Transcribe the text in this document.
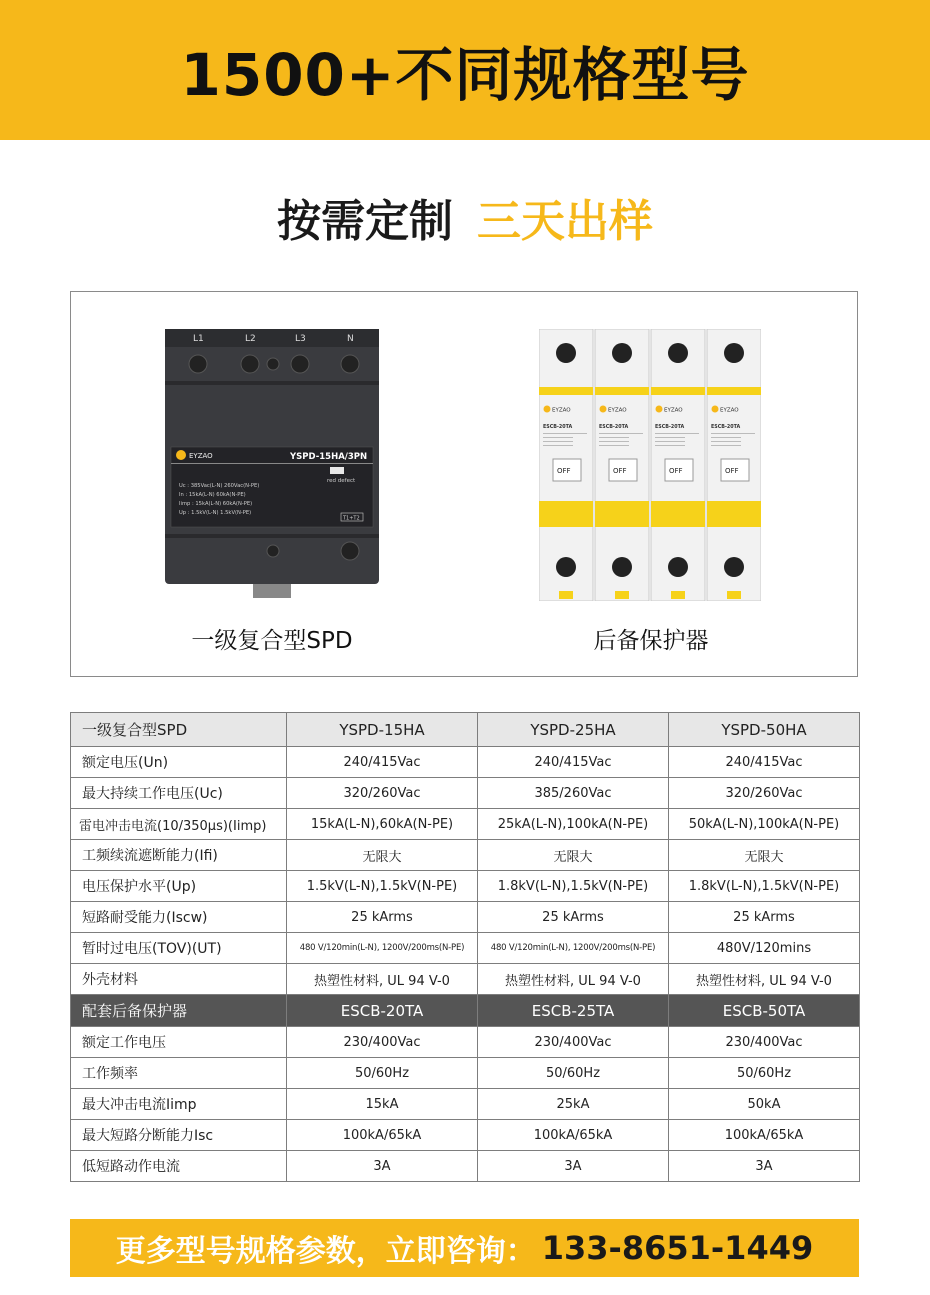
1500+不同规格型号
按需定制 三天出样
L1	L2	L3	N
EYZAO	YSPD-15HA/3PN
red defect
Uc : 385Vac(L-N) 260Vac(N-PE)
In : 15kA(L-N) 60kA(N-PE)
Iimp : 15kA(L-N) 60kA(N-PE)
Up : 1.5kV(L-N) 1.5kV(N-PE)
T1+T2
一级复合型SPD
EYZAO
ESCB-20TA
OFF
后备保护器
一级复合型SPD	YSPD-15HA	YSPD-25HA	YSPD-50HA
额定电压(Un)	240/415Vac	240/415Vac	240/415Vac
最大持续工作电压(Uc)	320/260Vac	385/260Vac	320/260Vac
雷电冲击电流(10/350μs)(Iimp)	15kA(L-N),60kA(N-PE)	25kA(L-N),100kA(N-PE)	50kA(L-N),100kA(N-PE)
工频续流遮断能力(Ifi)	无限大	无限大	无限大
电压保护水平(Up)	1.5kV(L-N),1.5kV(N-PE)	1.8kV(L-N),1.5kV(N-PE)	1.8kV(L-N),1.5kV(N-PE)
短路耐受能力(Iscw)	25 kArms	25 kArms	25 kArms
暂时过电压(TOV)(UT)	480 V/120min(L-N), 1200V/200ms(N-PE)	480 V/120min(L-N), 1200V/200ms(N-PE)	480V/120mins
外壳材料	热塑性材料, UL 94 V-0	热塑性材料, UL 94 V-0	热塑性材料, UL 94 V-0
配套后备保护器	ESCB-20TA	ESCB-25TA	ESCB-50TA
额定工作电压	230/400Vac	230/400Vac	230/400Vac
工作频率	50/60Hz	50/60Hz	50/60Hz
最大冲击电流Iimp	15kA	25kA	50kA
最大短路分断能力Isc	100kA/65kA	100kA/65kA	100kA/65kA
低短路动作电流	3A	3A	3A
更多型号规格参数，立即咨询： 133-8651-1449
